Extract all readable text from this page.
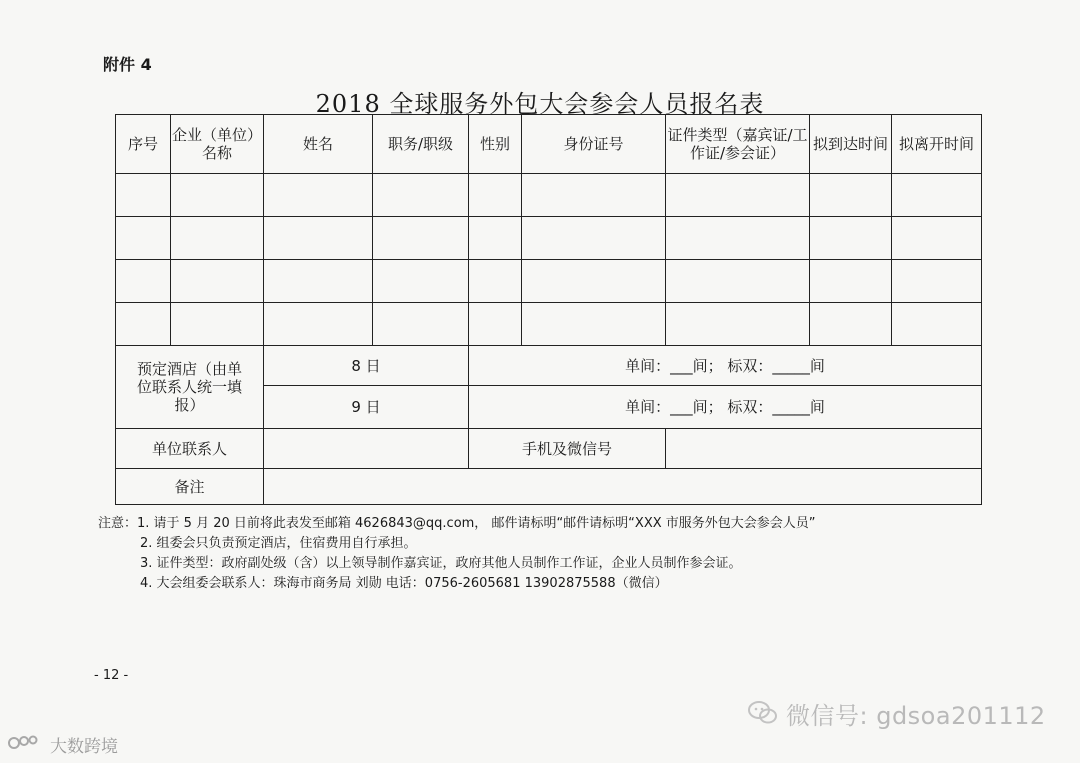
附件 4
2018 全球服务外包大会参会人员报名表
序号	企业（单位）名称	姓名	职务/职级	性别	身份证号	证件类型（嘉宾证/工作证/参会证）	拟到达时间	拟离开时间

预定酒店（由单位联系人统一填报）		8 日		单间：___间； 标双：_____间				
		9 日		单间：___间； 标双：_____间				
单位联系人				手机及微信号				
备注								
注意：1. 请于 5 月 20 日前将此表发至邮箱 4626843@qq.com， 邮件请标明“邮件请标明“XXX 市服务外包大会参会人员”
2. 组委会只负责预定酒店，住宿费用自行承担。
3. 证件类型：政府副处级（含）以上领导制作嘉宾证，政府其他人员制作工作证，企业人员制作参会证。
4. 大会组委会联系人：珠海市商务局 刘勋 电话：0756-2605681 13902875588（微信）
- 12 -
微信号: gdsoa201112
大数跨境
